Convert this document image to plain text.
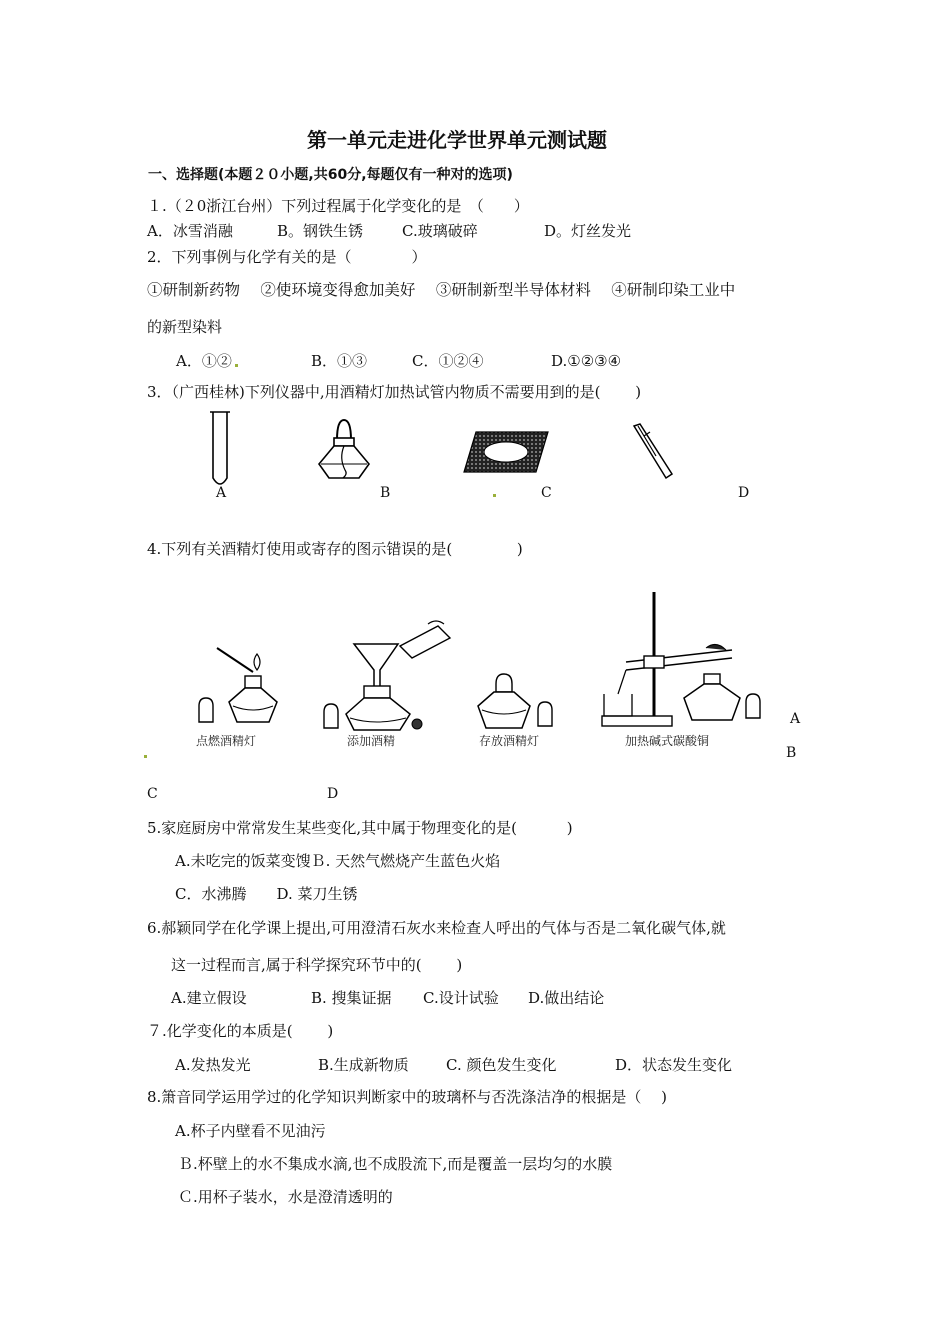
第一单元走进化学世界单元测试题
一、选择题(本题２０小题,共60分,每题仅有一种对的选项)
１.（２0浙江台州）下列过程属于化学变化的是　（　　）
A．冰雪消融	B。钢铁生锈	C.玻璃破碎	D。灯丝发光
2．下列事例与化学有关的是（　　　　）
①研制新药物　 ②使环境变得愈加美好　 ③研制新型半导体材料　 ④研制印染工业中
的新型染料
A．①②	B．①③　 C．①②④　　	D.①②③④
3．（广西桂林)下列仪器中,用酒精灯加热试管内物质不需要用到的是(　　 )
A	B	C	D
4.下列有关酒精灯使用或寄存的图示错误的是(　　　　 )
点燃酒精灯	添加酒精	存放酒精灯	加热碱式碳酸铜
A
B
C	D
5.家庭厨房中常常发生某些变化,其中属于物理变化的是(　　　 )
A.未吃完的饭菜变馊Ｂ. 天然气燃烧产生蓝色火焰
C．水沸腾　　D. 菜刀生锈
6.郝颖同学在化学课上提出,可用澄清石灰水来检查人呼出的气体与否是二氧化碳气体,就
这一过程而言,属于科学探究环节中的(　　 )
A.建立假设	B. 搜集证据 C.设计试验 D.做出结论
７.化学变化的本质是(　　 )
A.发热发光	B.生成新物质 C. 颜色发生变化	D．状态发生变化
8.箫音同学运用学过的化学知识判断家中的玻璃杯与否洗涤洁净的根据是（　 )
A.杯子内壁看不见油污
Ｂ.杯壁上的水不集成水滴,也不成股流下,而是覆盖一层均匀的水膜
Ｃ.用杯子装水，水是澄清透明的
